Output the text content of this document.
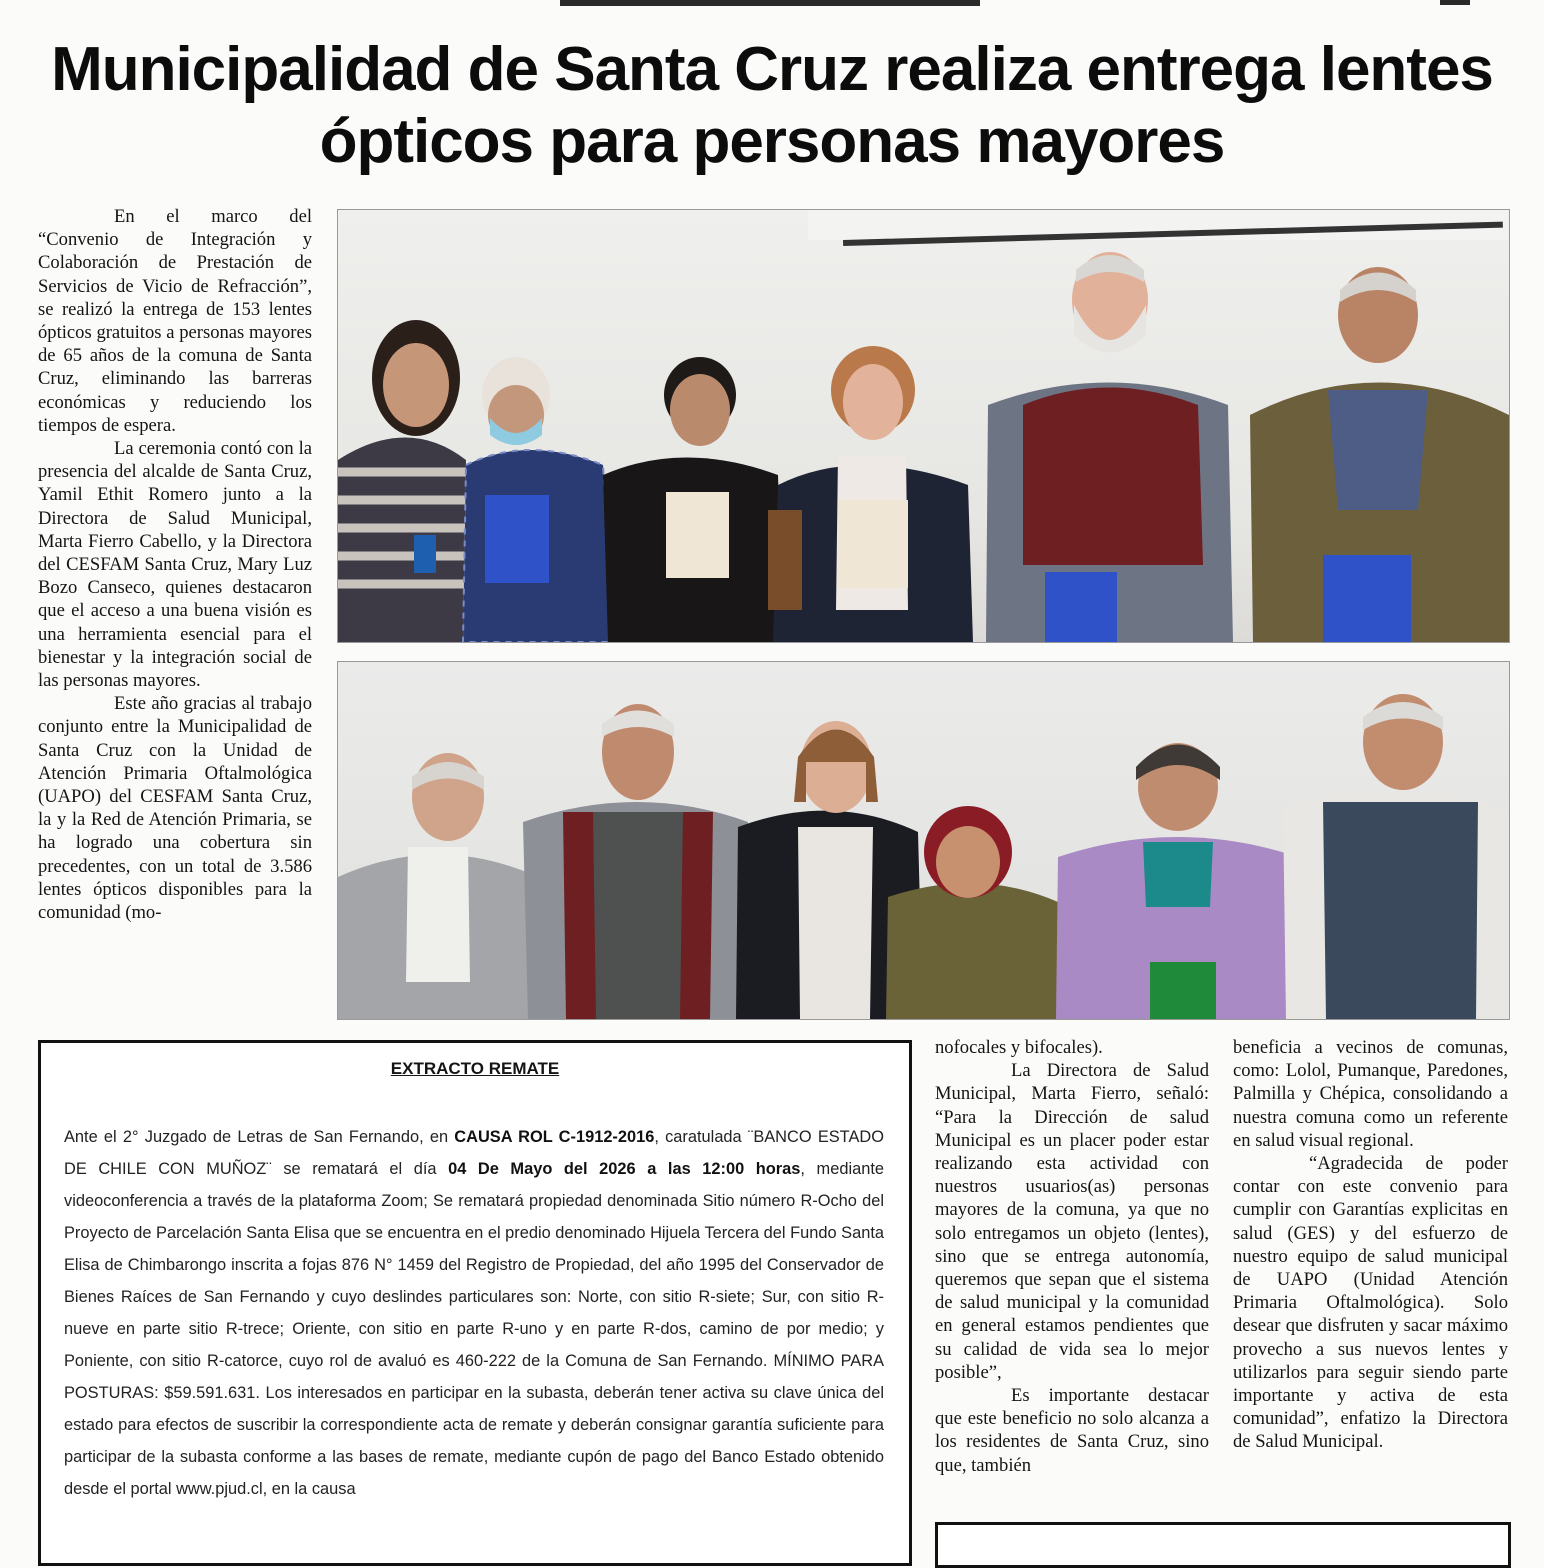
Municipalidad de Santa Cruz realiza entrega lentes ópticos para personas mayores

En el marco del “Convenio de Integración y Colaboración de Prestación de Servicios de Vicio de Refracción”, se realizó la entrega de 153 lentes ópticos gratuitos a personas mayores de 65 años de la comuna de Santa Cruz, eliminando las barreras económicas y reduciendo los tiempos de espera.

La ceremonia contó con la presencia del alcalde de Santa Cruz, Yamil Ethit Romero junto a la Directora de Salud Municipal, Marta Fierro Cabello, y la Directora del CESFAM Santa Cruz, Mary Luz Bozo Canseco, quienes destacaron que el acceso a una buena visión es una herramienta esencial para el bienestar y la integración social de las personas mayores.

Este año gracias al trabajo conjunto entre la Municipalidad de Santa Cruz con la Unidad de Atención Primaria Oftalmológica (UAPO) del CESFAM Santa Cruz, la y la Red de Atención Primaria, se ha logrado una cobertura sin precedentes, con un total de 3.586 lentes ópticos disponibles para la comunidad (mo-

nofocales y bifocales).

La Directora de Salud Municipal, Marta Fierro, señaló: “Para la Dirección de salud Municipal es un placer poder estar realizando esta actividad con nuestros usuarios(as) personas mayores de la comuna, ya que no solo entregamos un objeto (lentes), sino que se entrega autonomía, queremos que sepan que el sistema de salud municipal y la comunidad en general estamos pendientes que su calidad de vida sea lo mejor posible”,

Es importante destacar que este beneficio no solo alcanza a los residentes de Santa Cruz, sino que, también

beneficia a vecinos de comunas, como: Lolol, Pumanque, Paredones, Palmilla y Chépica, consolidando a nuestra comuna como un referente en salud visual regional.

“Agradecida de poder contar con este convenio para cumplir con Garantías explicitas en salud (GES) y del esfuerzo de nuestro equipo de salud municipal de UAPO (Unidad Atención Primaria Oftalmológica). Solo desear que disfruten y sacar máximo provecho a sus nuevos lentes y utilizarlos para seguir siendo parte importante y activa de esta comunidad”, enfatizo la Directora de Salud Municipal.

EXTRACTO REMATE
Ante el 2° Juzgado de Letras de San Fernando, en CAUSA ROL C-1912-2016, caratulada ¨BANCO ESTADO DE CHILE CON MUÑOZ¨ se rematará el día 04 De Mayo del 2026 a las 12:00 horas, mediante videoconferencia a través de la plataforma Zoom; Se rematará propiedad denominada Sitio número R-Ocho del Proyecto de Parcelación Santa Elisa que se encuentra en el predio denominado Hijuela Tercera del Fundo Santa Elisa de Chimbarongo inscrita a fojas 876 N° 1459 del Registro de Propiedad, del año 1995 del Conservador de Bienes Raíces de San Fernando y cuyo deslindes particulares son: Norte, con sitio R-siete; Sur, con sitio R-nueve en parte sitio R-trece; Oriente, con sitio en parte R-uno y en parte R-dos, camino de por medio; y Poniente, con sitio R-catorce, cuyo rol de avaluó es 460-222 de la Comuna de San Fernando. MÍNIMO PARA POSTURAS: $59.591.631. Los interesados en participar en la subasta, deberán tener activa su clave única del estado para efectos de suscribir la correspondiente acta de remate y deberán consignar garantía suficiente para participar de la subasta conforme a las bases de remate, mediante cupón de pago del Banco Estado obtenido desde el portal www.pjud.cl, en la causa
